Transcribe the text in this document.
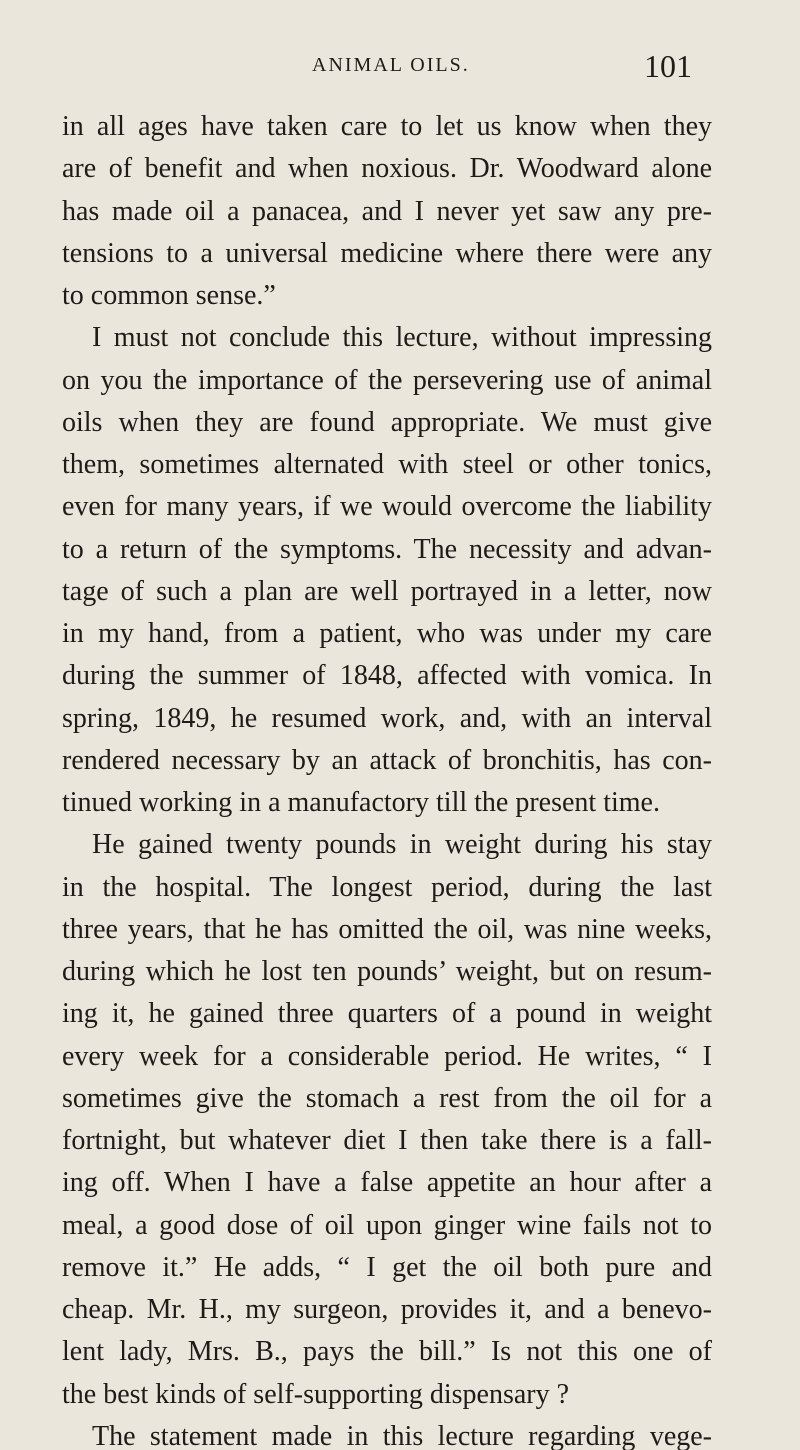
ANIMAL OILS.	101
in all ages have taken care to let us know when they
are of benefit and when noxious. Dr. Woodward alone
has made oil a panacea, and I never yet saw any pre-
tensions to a universal medicine where there were any
to common sense.”
I must not conclude this lecture, without impressing
on you the importance of the persevering use of animal
oils when they are found appropriate. We must give
them, sometimes alternated with steel or other tonics,
even for many years, if we would overcome the liability
to a return of the symptoms. The necessity and advan-
tage of such a plan are well portrayed in a letter, now
in my hand, from a patient, who was under my care
during the summer of 1848, affected with vomica. In
spring, 1849, he resumed work, and, with an interval
rendered necessary by an attack of bronchitis, has con-
tinued working in a manufactory till the present time.
He gained twenty pounds in weight during his stay
in the hospital. The longest period, during the last
three years, that he has omitted the oil, was nine weeks,
during which he lost ten pounds’ weight, but on resum-
ing it, he gained three quarters of a pound in weight
every week for a considerable period. He writes, “ I
sometimes give the stomach a rest from the oil for a
fortnight, but whatever diet I then take there is a fall-
ing off. When I have a false appetite an hour after a
meal, a good dose of oil upon ginger wine fails not to
remove it.” He adds, “ I get the oil both pure and
cheap. Mr. H., my surgeon, provides it, and a benevo-
lent lady, Mrs. B., pays the bill.” Is not this one of
the best kinds of self-supporting dispensary ?
The statement made in this lecture regarding vege-
